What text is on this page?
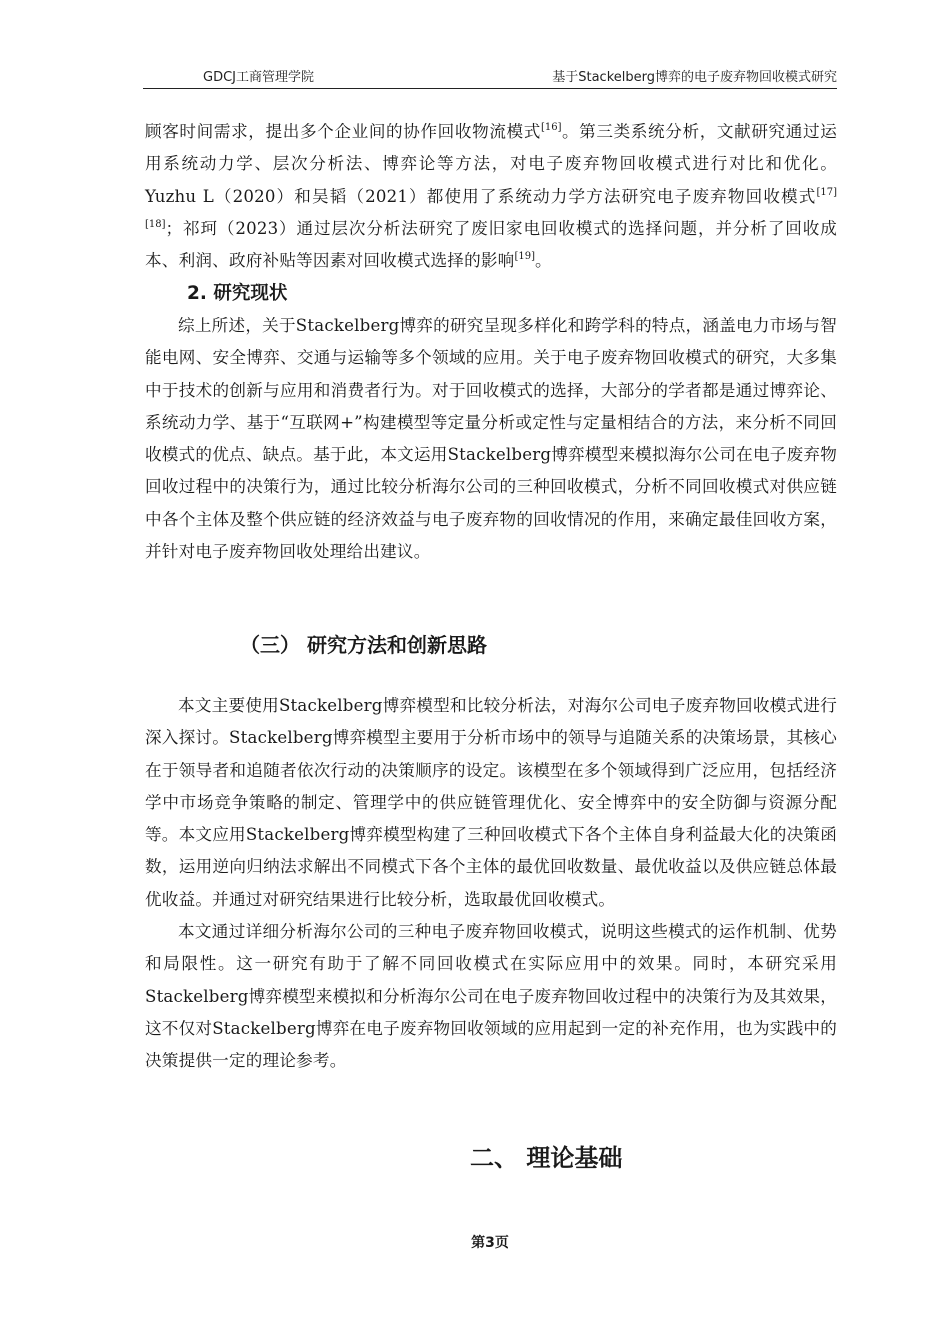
GDCJ工商管理学院	基于Stackelberg博弈的电子废弃物回收模式研究

顾客时间需求，提出多个企业间的协作回收物流模式[16]。第三类系统分析，文献研究通过运用系统动力学、层次分析法、博弈论等方法，对电子废弃物回收模式进行对比和优化。 Yuzhu L（2020）和吴韬（2021）都使用了系统动力学方法研究电子废弃物回收模式[17][18]；祁珂（2023）通过层次分析法研究了废旧家电回收模式的选择问题，并分析了回收成本、利润、政府补贴等因素对回收模式选择的影响[19]。

2. 研究现状

综上所述，关于Stackelberg博弈的研究呈现多样化和跨学科的特点，涵盖电力市场与智能电网、安全博弈、交通与运输等多个领域的应用。关于电子废弃物回收模式的研究，大多集中于技术的创新与应用和消费者行为。对于回收模式的选择，大部分的学者都是通过博弈论、系统动力学、基于“互联网+”构建模型等定量分析或定性与定量相结合的方法，来分析不同回收模式的优点、缺点。基于此，本文运用Stackelberg博弈模型来模拟海尔公司在电子废弃物回收过程中的决策行为，通过比较分析海尔公司的三种回收模式，分析不同回收模式对供应链中各个主体及整个供应链的经济效益与电子废弃物的回收情况的作用，来确定最佳回收方案，并针对电子废弃物回收处理给出建议。

（三） 研究方法和创新思路

本文主要使用Stackelberg博弈模型和比较分析法，对海尔公司电子废弃物回收模式进行深入探讨。Stackelberg博弈模型主要用于分析市场中的领导与追随关系的决策场景，其核心在于领导者和追随者依次行动的决策顺序的设定。该模型在多个领域得到广泛应用，包括经济学中市场竞争策略的制定、管理学中的供应链管理优化、安全博弈中的安全防御与资源分配等。本文应用Stackelberg博弈模型构建了三种回收模式下各个主体自身利益最大化的决策函数，运用逆向归纳法求解出不同模式下各个主体的最优回收数量、最优收益以及供应链总体最优收益。并通过对研究结果进行比较分析，选取最优回收模式。

本文通过详细分析海尔公司的三种电子废弃物回收模式，说明这些模式的运作机制、优势和局限性。这一研究有助于了解不同回收模式在实际应用中的效果。同时，本研究采用Stackelberg博弈模型来模拟和分析海尔公司在电子废弃物回收过程中的决策行为及其效果，这不仅对Stackelberg博弈在电子废弃物回收领域的应用起到一定的补充作用，也为实践中的决策提供一定的理论参考。

二、 理论基础
第3页
